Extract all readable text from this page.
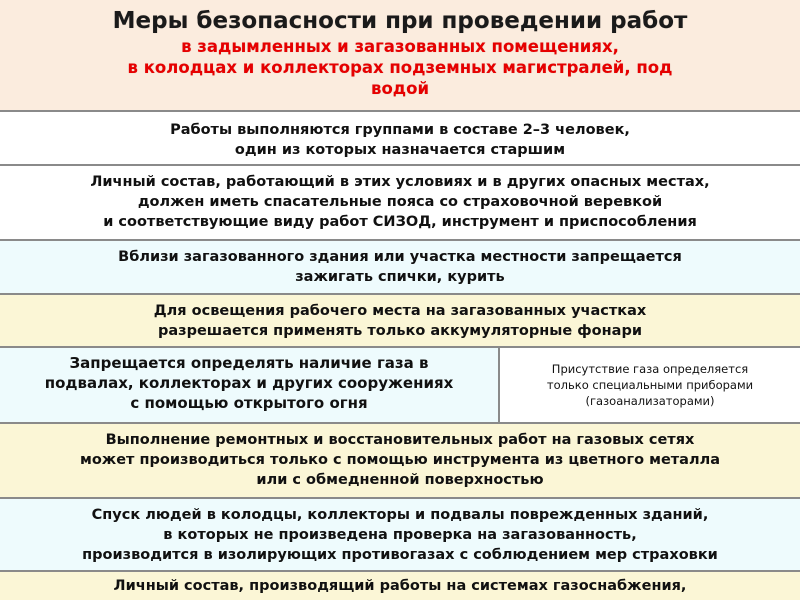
Меры безопасности при проведении работ
в задымленных и загазованных помещениях,
в колодцах и коллекторах подземных магистралей, под
водой
Работы выполняются группами в составе 2–3 человек,
один из которых назначается старшим
Личный состав, работающий в этих условиях и в других опасных местах,
должен иметь спасательные пояса со страховочной веревкой
и соответствующие виду работ СИЗОД, инструмент и приспособления
Вблизи загазованного здания или участка местности запрещается
зажигать спички, курить
Для освещения рабочего места на загазованных участках
разрешается применять только аккумуляторные фонари
Запрещается определять наличие газа в
подвалах, коллекторах и других сооружениях
с помощью открытого огня
Присутствие газа определяется
только специальными приборами
(газоанализаторами)
Выполнение ремонтных и восстановительных работ на газовых сетях
может производиться только с помощью инструмента из цветного металла
или с обмедненной поверхностью
Спуск людей в колодцы, коллекторы и подвалы поврежденных зданий,
в которых не произведена проверка на загазованность,
производится в изолирующих противогазах с соблюдением мер страховки
Личный состав, производящий работы на системах газоснабжения,
